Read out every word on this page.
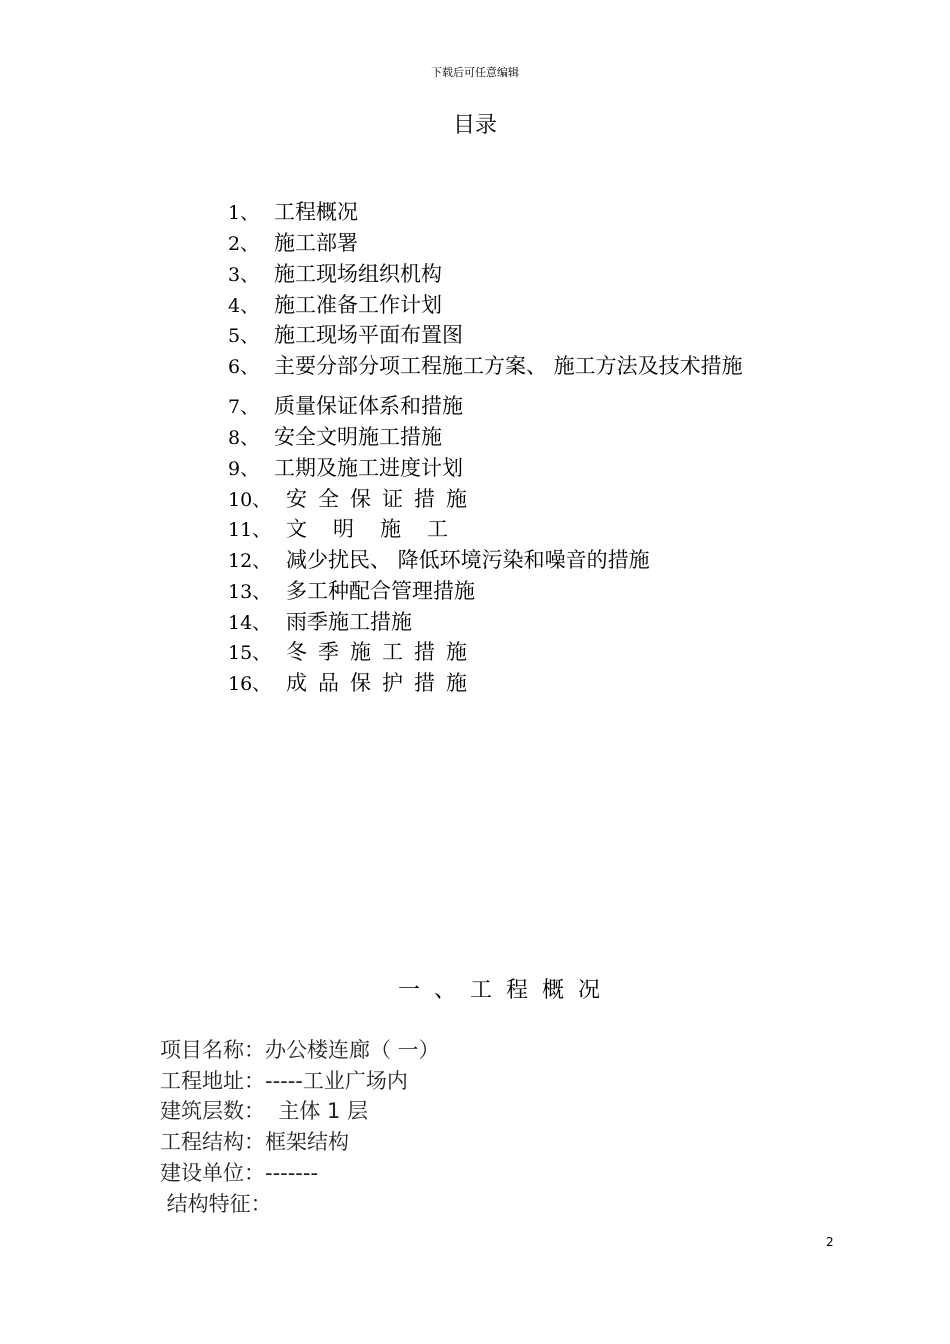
下载后可任意编辑
目录
1、 工程概况
2、 施工部署
3、 施工现场组织机构
4、 施工准备工作计划
5、 施工现场平面布置图
6、 主要分部分项工程施工方案、 施工方法及技术措施
7、 质量保证体系和措施
8、 安全文明施工措施
9、 工期及施工进度计划
10、 安全保证措施
11、 文明施工
12、 减少扰民、 降低环境污染和噪音的措施
13、 多工种配合管理措施
14、 雨季施工措施
15、 冬季施工措施
16、 成品保护措施
一、工程概况
项目名称：办公楼连廊（ 一）
工程地址：-----工业广场内
建筑层数：  主体 1 层
工程结构：框架结构
建设单位：-------
结构特征：
2
